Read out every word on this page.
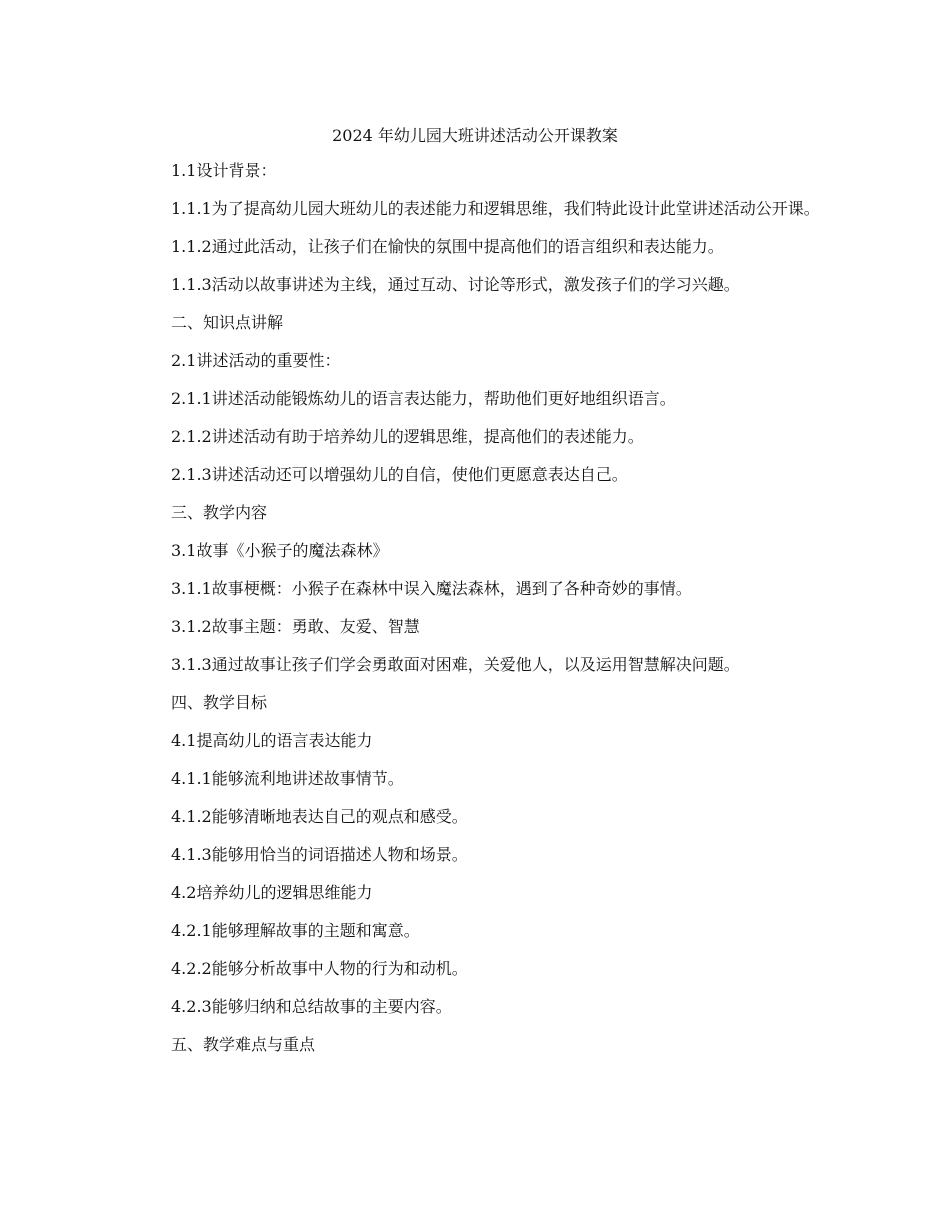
2024 年幼儿园大班讲述活动公开课教案
1.1设计背景：
1.1.1为了提高幼儿园大班幼儿的表述能力和逻辑思维，我们特此设计此堂讲述活动公开课。
1.1.2通过此活动，让孩子们在愉快的氛围中提高他们的语言组织和表达能力。
1.1.3活动以故事讲述为主线，通过互动、讨论等形式，激发孩子们的学习兴趣。
二、知识点讲解
2.1讲述活动的重要性：
2.1.1讲述活动能锻炼幼儿的语言表达能力，帮助他们更好地组织语言。
2.1.2讲述活动有助于培养幼儿的逻辑思维，提高他们的表述能力。
2.1.3讲述活动还可以增强幼儿的自信，使他们更愿意表达自己。
三、教学内容
3.1故事《小猴子的魔法森林》
3.1.1故事梗概：小猴子在森林中误入魔法森林，遇到了各种奇妙的事情。
3.1.2故事主题：勇敢、友爱、智慧
3.1.3通过故事让孩子们学会勇敢面对困难，关爱他人，以及运用智慧解决问题。
四、教学目标
4.1提高幼儿的语言表达能力
4.1.1能够流利地讲述故事情节。
4.1.2能够清晰地表达自己的观点和感受。
4.1.3能够用恰当的词语描述人物和场景。
4.2培养幼儿的逻辑思维能力
4.2.1能够理解故事的主题和寓意。
4.2.2能够分析故事中人物的行为和动机。
4.2.3能够归纳和总结故事的主要内容。
五、教学难点与重点
